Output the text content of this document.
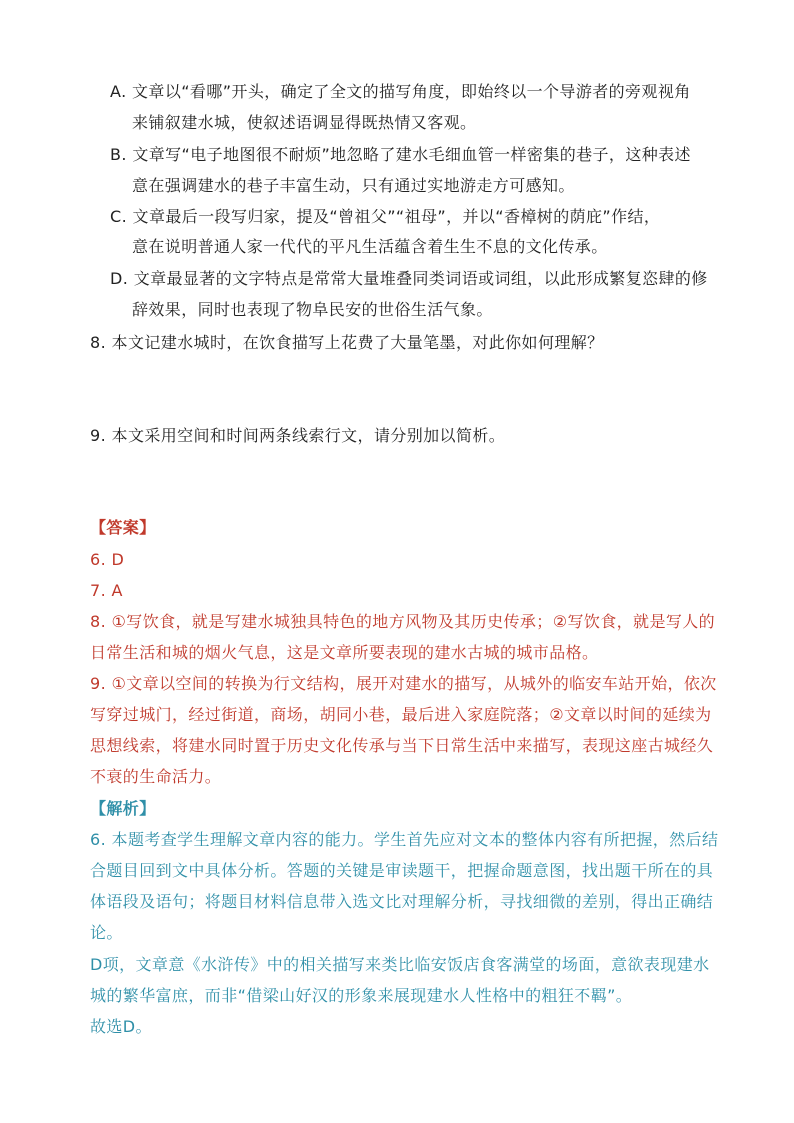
A. 文章以“看哪”开头，确定了全文的描写角度，即始终以一个导游者的旁观视角
来铺叙建水城，使叙述语调显得既热情又客观。
B. 文章写“电子地图很不耐烦”地忽略了建水毛细血管一样密集的巷子，这种表述
意在强调建水的巷子丰富生动，只有通过实地游走方可感知。
C. 文章最后一段写归家，提及“曾祖父”“祖母”，并以“香樟树的荫庇”作结，
意在说明普通人家一代代的平凡生活蕴含着生生不息的文化传承。
D. 文章最显著的文字特点是常常大量堆叠同类词语或词组，以此形成繁复恣肆的修
辞效果，同时也表现了物阜民安的世俗生活气象。
8. 本文记建水城时，在饮食描写上花费了大量笔墨，对此你如何理解？
9. 本文采用空间和时间两条线索行文，请分别加以简析。
【答案】
6. D
7. A
8. ①写饮食，就是写建水城独具特色的地方风物及其历史传承；②写饮食，就是写人的
日常生活和城的烟火气息，这是文章所要表现的建水古城的城市品格。
9. ①文章以空间的转换为行文结构，展开对建水的描写，从城外的临安车站开始，依次
写穿过城门，经过街道，商场，胡同小巷，最后进入家庭院落；②文章以时间的延续为
思想线索，将建水同时置于历史文化传承与当下日常生活中来描写，表现这座古城经久
不衰的生命活力。
【解析】
6. 本题考查学生理解文章内容的能力。学生首先应对文本的整体内容有所把握，然后结
合题目回到文中具体分析。答题的关键是审读题干，把握命题意图，找出题干所在的具
体语段及语句；将题目材料信息带入选文比对理解分析，寻找细微的差别，得出正确结
论。
D项，文章意《水浒传》中的相关描写来类比临安饭店食客满堂的场面，意欲表现建水
城的繁华富庶，而非“借梁山好汉的形象来展现建水人性格中的粗狂不羁”。
故选D。
